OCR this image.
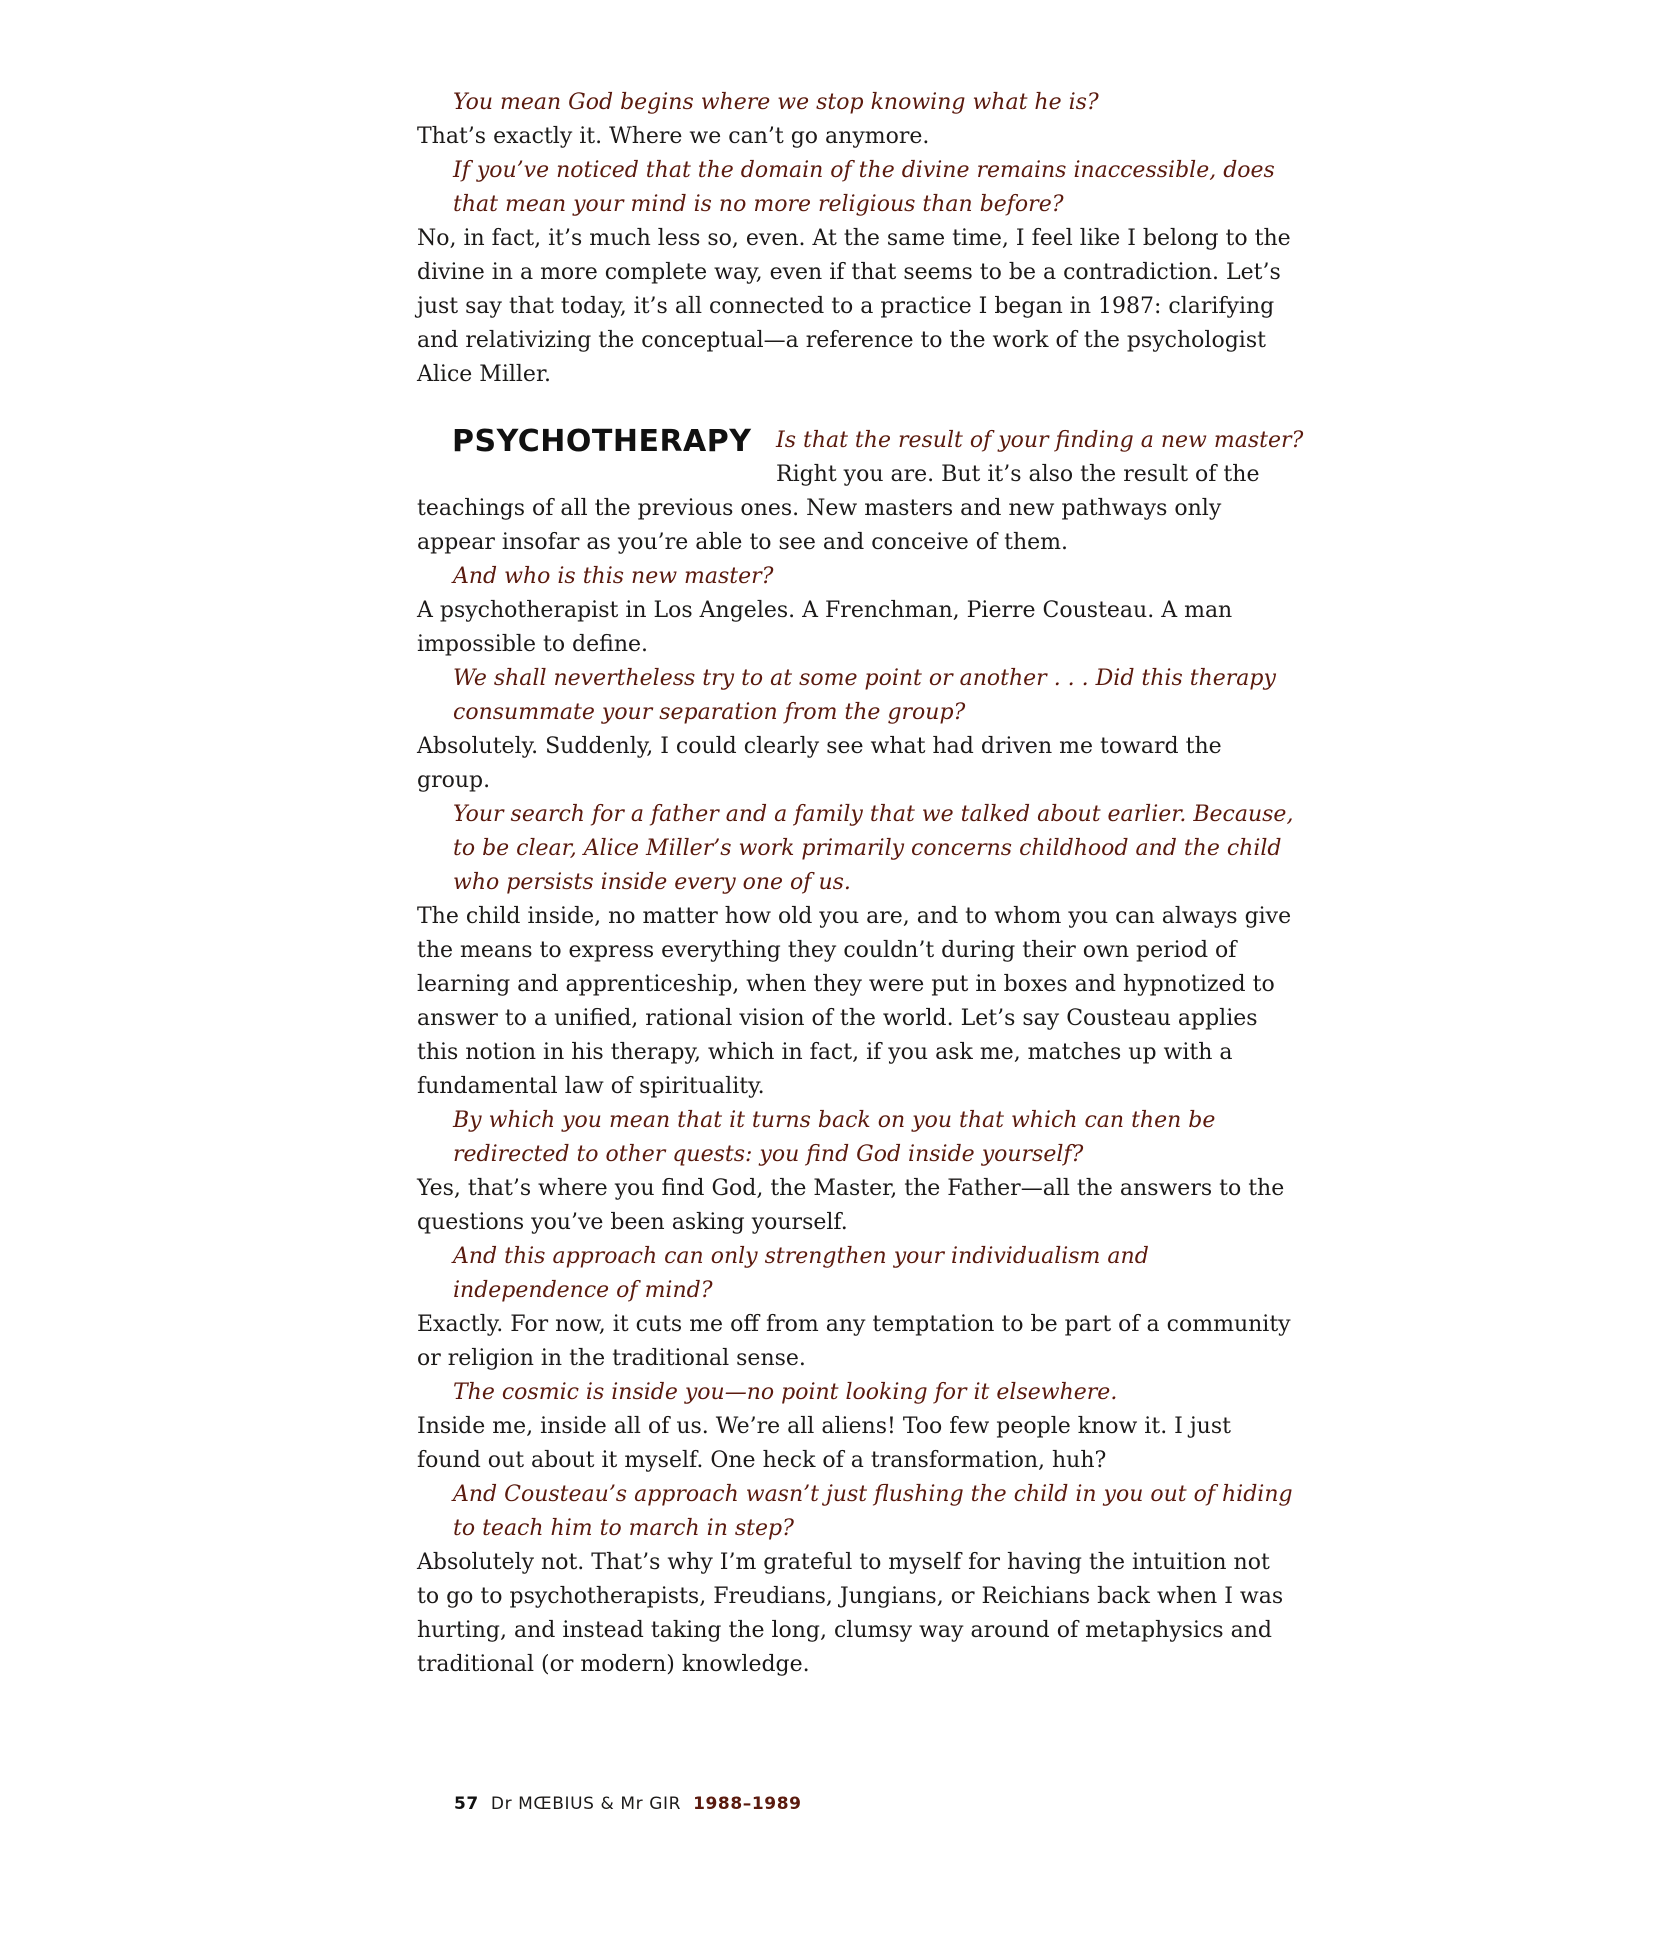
You mean God begins where we stop knowing what he is?

That’s exactly it. Where we can’t go anymore.

If you’ve noticed that the domain of the divine remains inaccessible, does that mean your mind is no more religious than before?

No, in fact, it’s much less so, even. At the same time, I feel like I belong to the divine in a more complete way, even if that seems to be a contradiction. Let’s just say that today, it’s all connected to a practice I began in 1987: clarifying and relativizing the conceptual—a reference to the work of the psychologist Alice Miller.

PSYCHOTHERAPY Is that the result of your finding a new master?

Right you are. But it’s also the result of the

teachings of all the previous ones. New masters and new pathways only appear insofar as you’re able to see and conceive of them.

And who is this new master?

A psychotherapist in Los Angeles. A Frenchman, Pierre Cousteau. A man impossible to define.

We shall nevertheless try to at some point or another . . . Did this therapy consummate your separation from the group?

Absolutely. Suddenly, I could clearly see what had driven me toward the group.

Your search for a father and a family that we talked about earlier. Because, to be clear, Alice Miller’s work primarily concerns childhood and the child who persists inside every one of us.

The child inside, no matter how old you are, and to whom you can always give the means to express everything they couldn’t during their own period of learning and apprenticeship, when they were put in boxes and hypnotized to answer to a unified, rational vision of the world. Let’s say Cousteau applies this notion in his therapy, which in fact, if you ask me, matches up with a fundamental law of spirituality.

By which you mean that it turns back on you that which can then be redirected to other quests: you find God inside yourself?

Yes, that’s where you find God, the Master, the Father—all the answers to the questions you’ve been asking yourself.

And this approach can only strengthen your individualism and independence of mind?

Exactly. For now, it cuts me off from any temptation to be part of a community or religion in the traditional sense.

The cosmic is inside you—no point looking for it elsewhere.

Inside me, inside all of us. We’re all aliens! Too few people know it. I just found out about it myself. One heck of a transformation, huh?

And Cousteau’s approach wasn’t just flushing the child in you out of hiding to teach him to march in step?

Absolutely not. That’s why I’m grateful to myself for having the intuition not to go to psychotherapists, Freudians, Jungians, or Reichians back when I was hurting, and instead taking the long, clumsy way around of metaphysics and traditional (or modern) knowledge.

57 Dr MŒBIUS & Mr GIR 1988–1989
